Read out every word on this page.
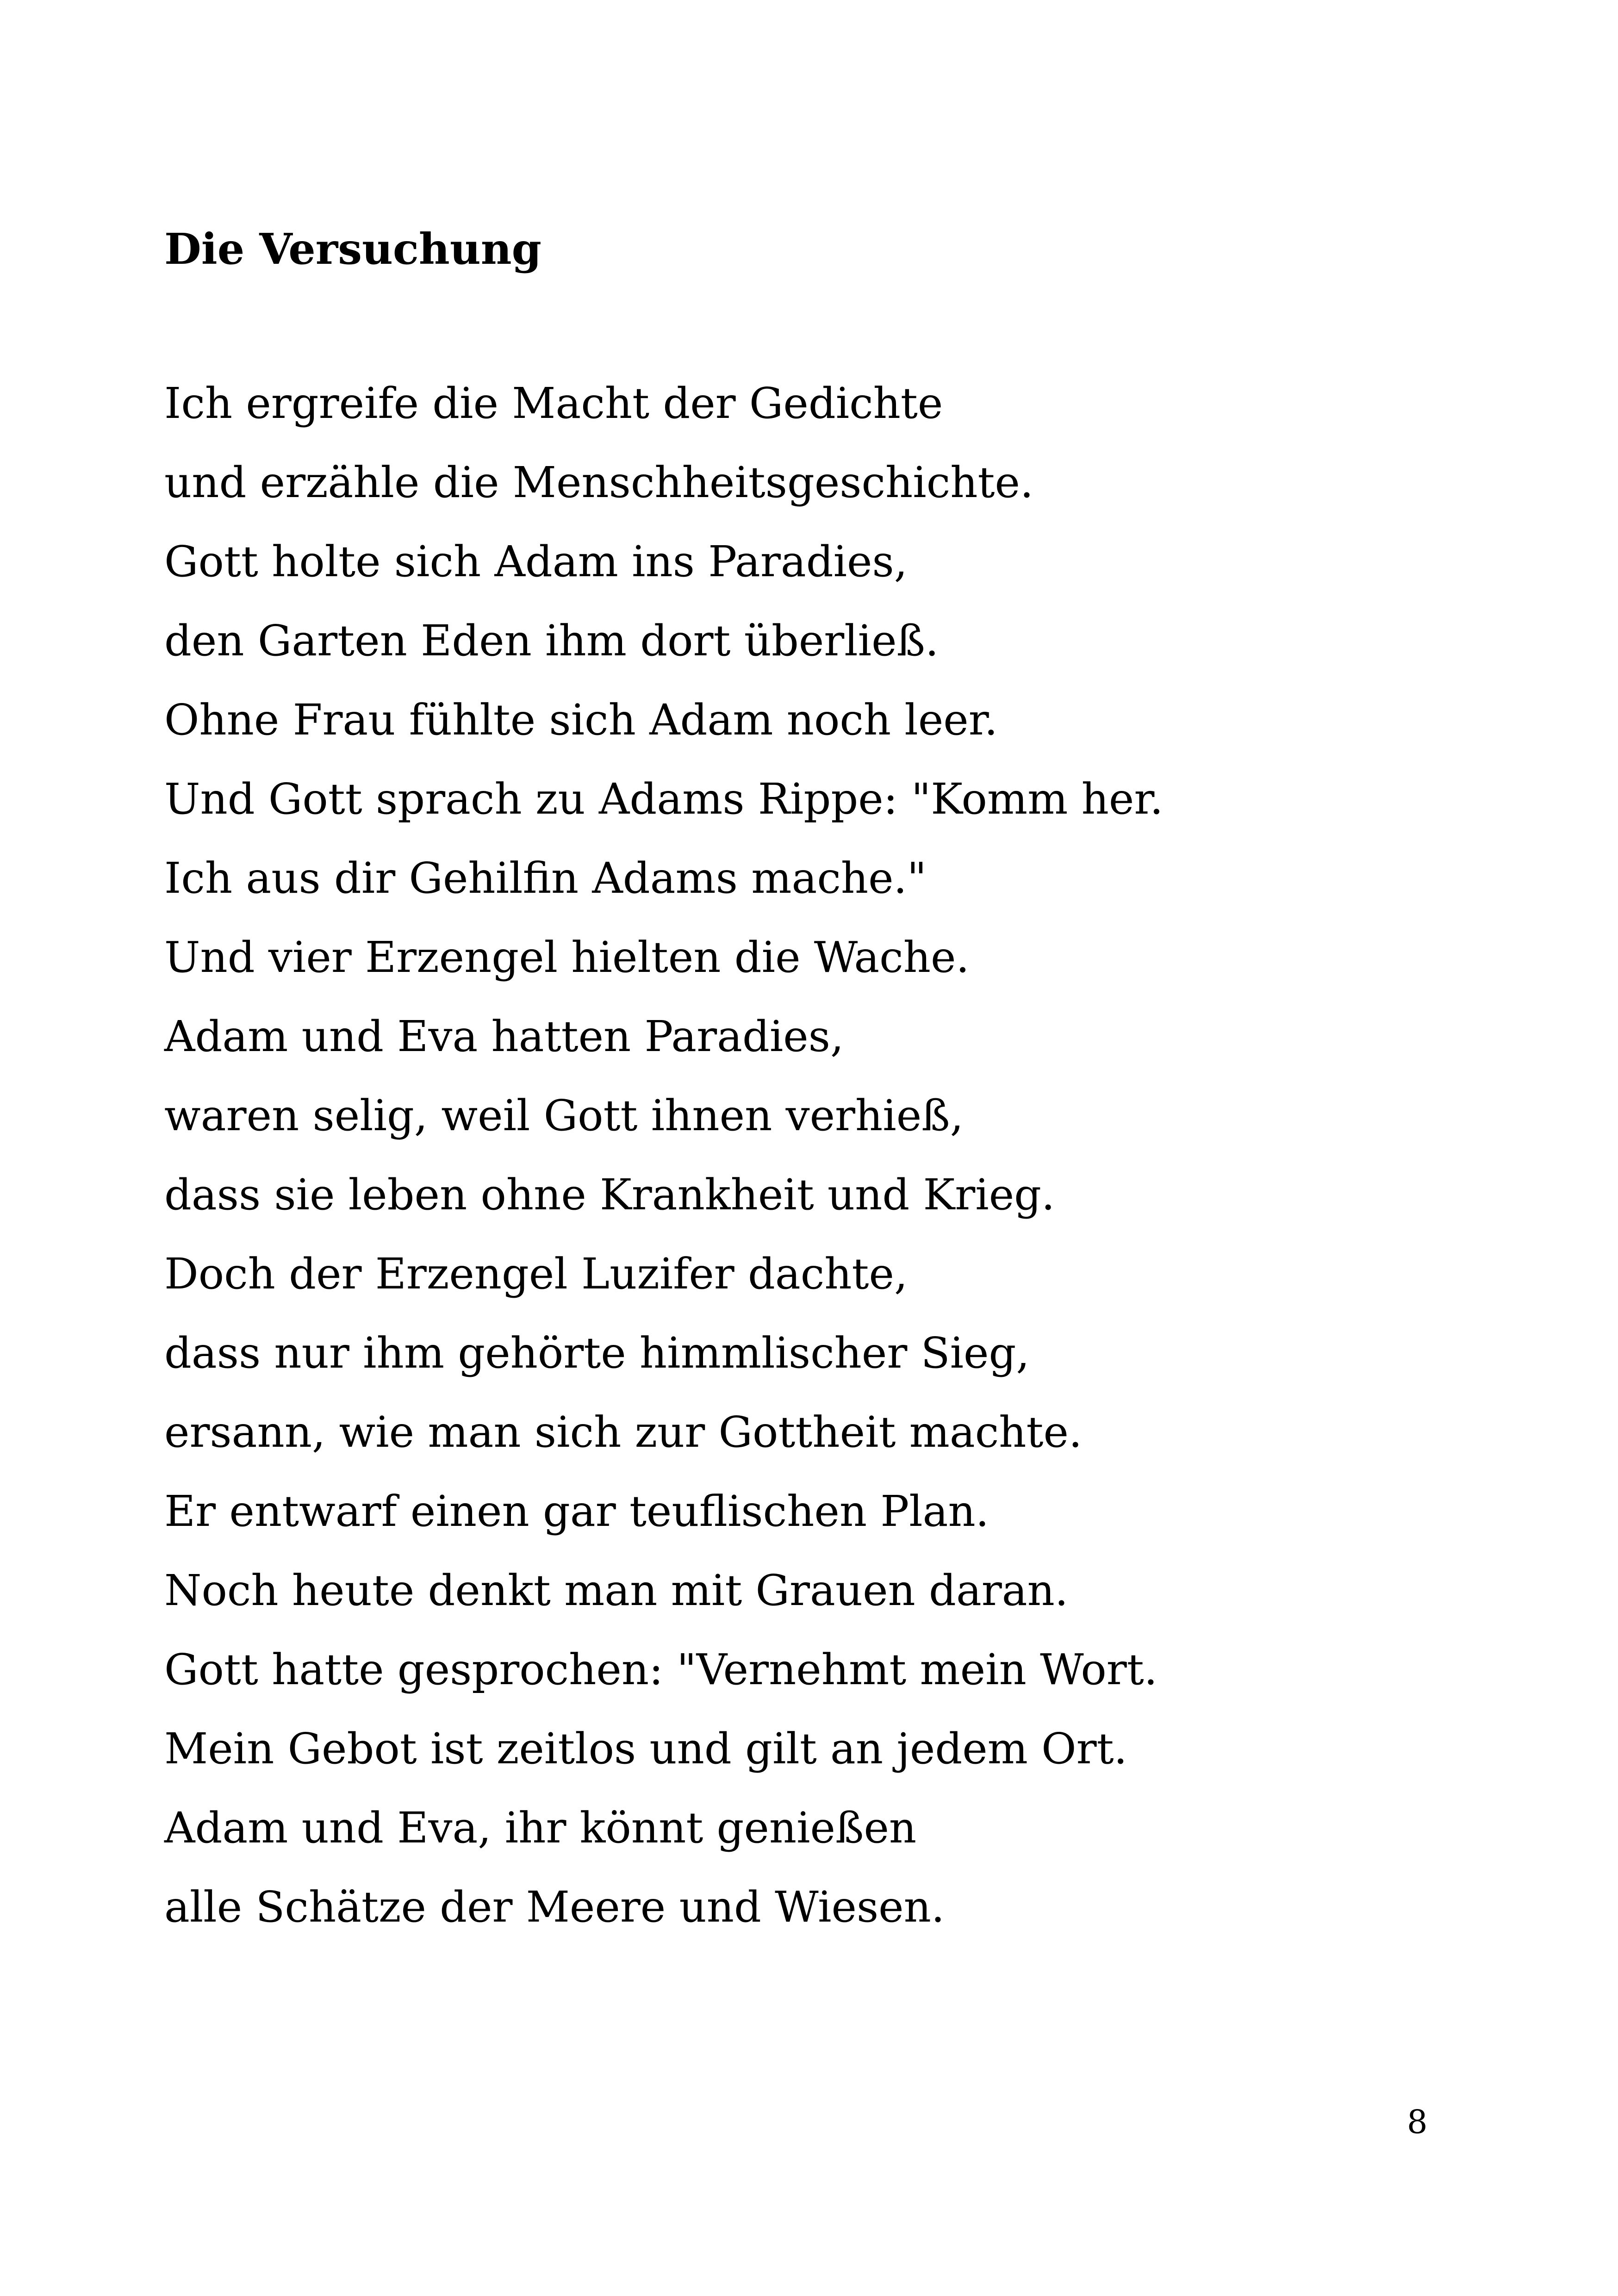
Die Versuchung
Ich ergreife die Macht der Gedichte
und erzähle die Menschheitsgeschichte.
Gott holte sich Adam ins Paradies,
den Garten Eden ihm dort überließ.
Ohne Frau fühlte sich Adam noch leer.
Und Gott sprach zu Adams Rippe: "Komm her.
Ich aus dir Gehilfin Adams mache."
Und vier Erzengel hielten die Wache.
Adam und Eva hatten Paradies,
waren selig, weil Gott ihnen verhieß,
dass sie leben ohne Krankheit und Krieg.
Doch der Erzengel Luzifer dachte,
dass nur ihm gehörte himmlischer Sieg,
ersann, wie man sich zur Gottheit machte.
Er entwarf einen gar teuflischen Plan.
Noch heute denkt man mit Grauen daran.
Gott hatte gesprochen: "Vernehmt mein Wort.
Mein Gebot ist zeitlos und gilt an jedem Ort.
Adam und Eva, ihr könnt genießen
alle Schätze der Meere und Wiesen.
8
